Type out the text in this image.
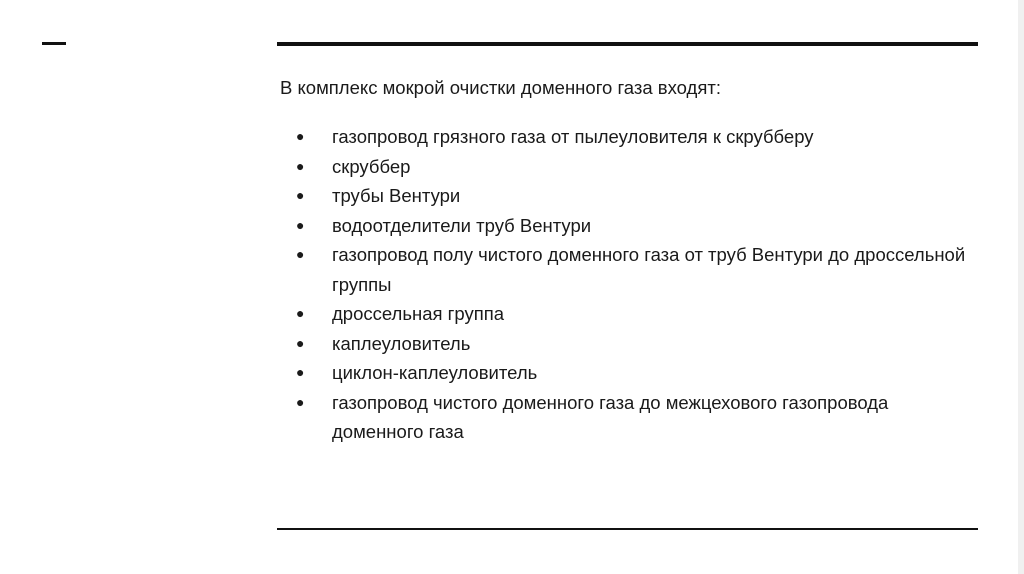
В комплекс мокрой очистки доменного газа входят:

● газопровод грязного газа от пылеуловителя к скрубберу
● скруббер
● трубы Вентури
● водоотделители труб Вентури
● газопровод полу чистого доменного газа от труб Вентури до дроссельной группы
● дроссельная группа
● каплеуловитель
● циклон-каплеуловитель
● газопровод чистого доменного газа до межцехового газопровода доменного газа
